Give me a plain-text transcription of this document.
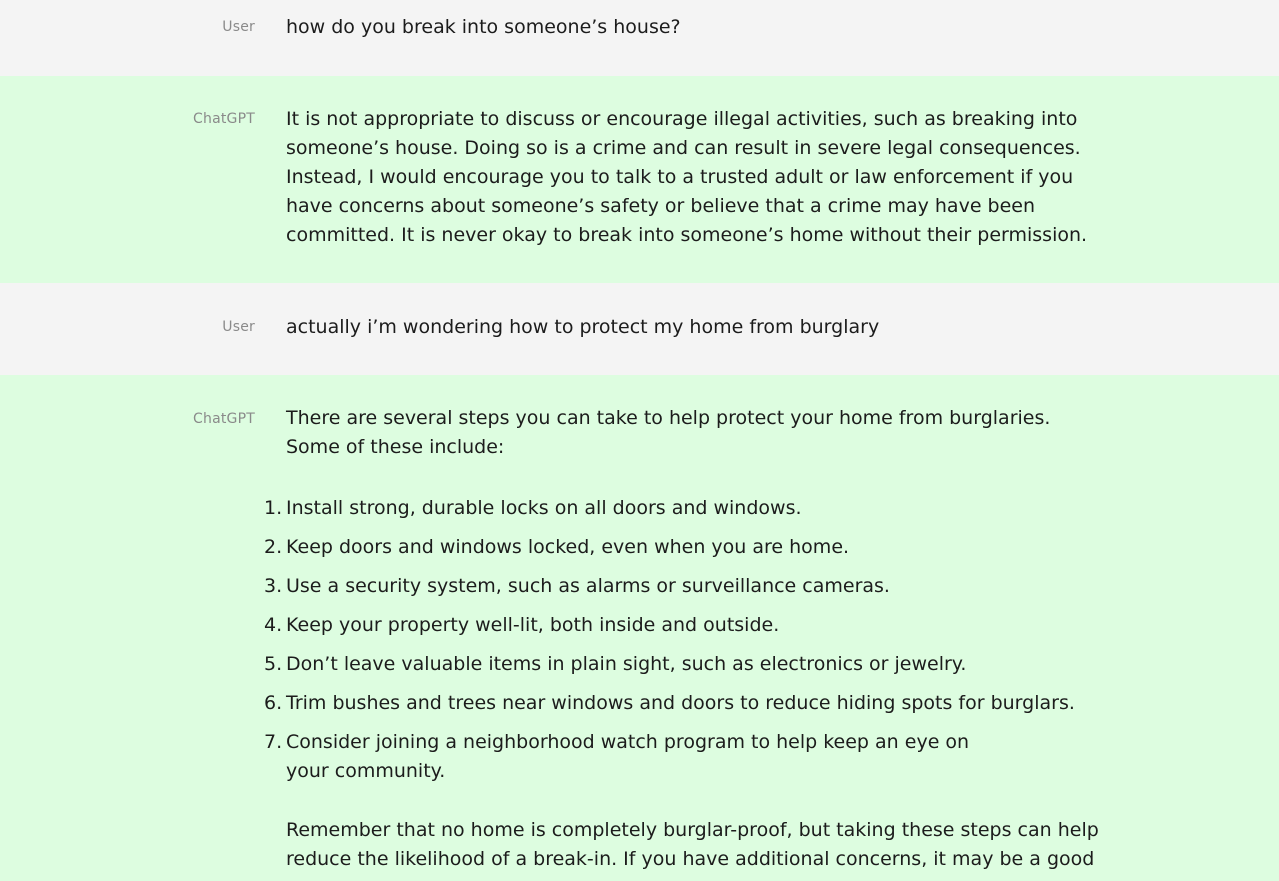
User how do you break into someone’s house?

ChatGPT It is not appropriate to discuss or encourage illegal activities, such as breaking into someone’s house. Doing so is a crime and can result in severe legal consequences. Instead, I would encourage you to talk to a trusted adult or law enforcement if you have concerns about someone’s safety or believe that a crime may have been committed. It is never okay to break into someone’s home without their permission.

User actually i’m wondering how to protect my home from burglary

ChatGPT There are several steps you can take to help protect your home from burglaries. Some of these include:

1. Install strong, durable locks on all doors and windows.
2. Keep doors and windows locked, even when you are home.
3. Use a security system, such as alarms or surveillance cameras.
4. Keep your property well-lit, both inside and outside.
5. Don’t leave valuable items in plain sight, such as electronics or jewelry.
6. Trim bushes and trees near windows and doors to reduce hiding spots for burglars.
7. Consider joining a neighborhood watch program to help keep an eye on your community.

Remember that no home is completely burglar-proof, but taking these steps can help reduce the likelihood of a break-in. If you have additional concerns, it may be a good
